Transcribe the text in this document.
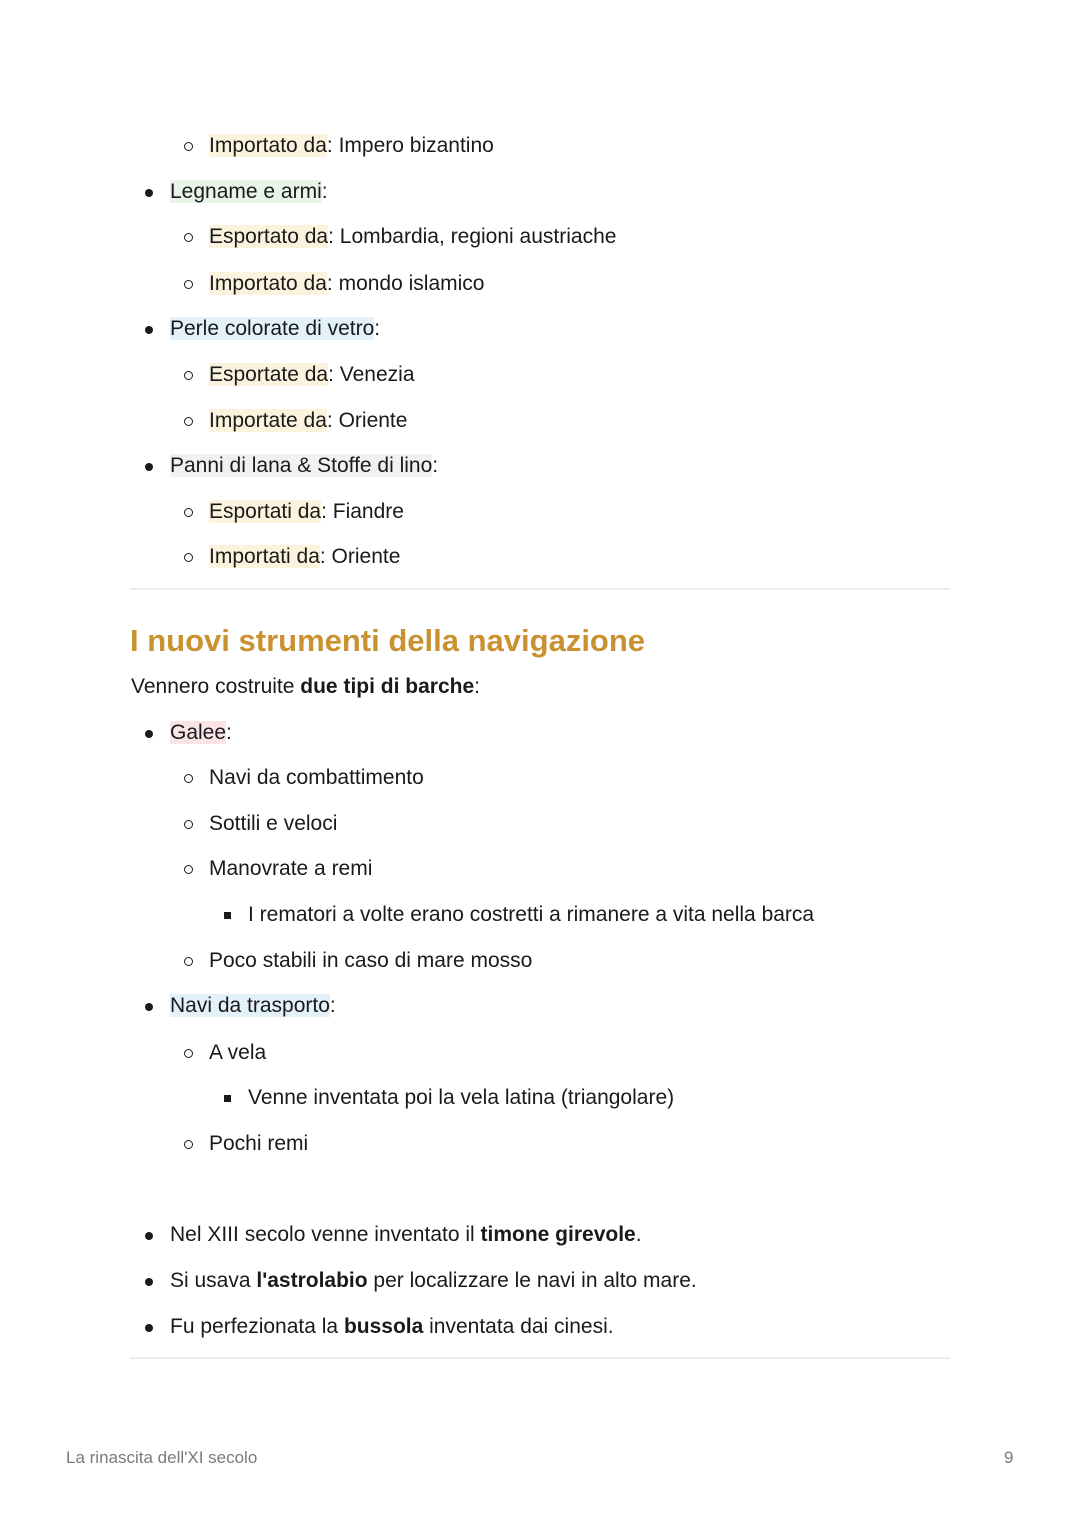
Importato da: Impero bizantino
Legname e armi:
Esportato da: Lombardia, regioni austriache
Importato da: mondo islamico
Perle colorate di vetro:
Esportate da: Venezia
Importate da: Oriente
Panni di lana & Stoffe di lino:
Esportati da: Fiandre
Importati da: Oriente
I nuovi strumenti della navigazione
Vennero costruite due tipi di barche:
Galee:
Navi da combattimento
Sottili e veloci
Manovrate a remi
I rematori a volte erano costretti a rimanere a vita nella barca
Poco stabili in caso di mare mosso
Navi da trasporto:
A vela
Venne inventata poi la vela latina (triangolare)
Pochi remi
Nel XIII secolo venne inventato il timone girevole.
Si usava l'astrolabio per localizzare le navi in alto mare.
Fu perfezionata la bussola inventata dai cinesi.
La rinascita dell'XI secolo	9
